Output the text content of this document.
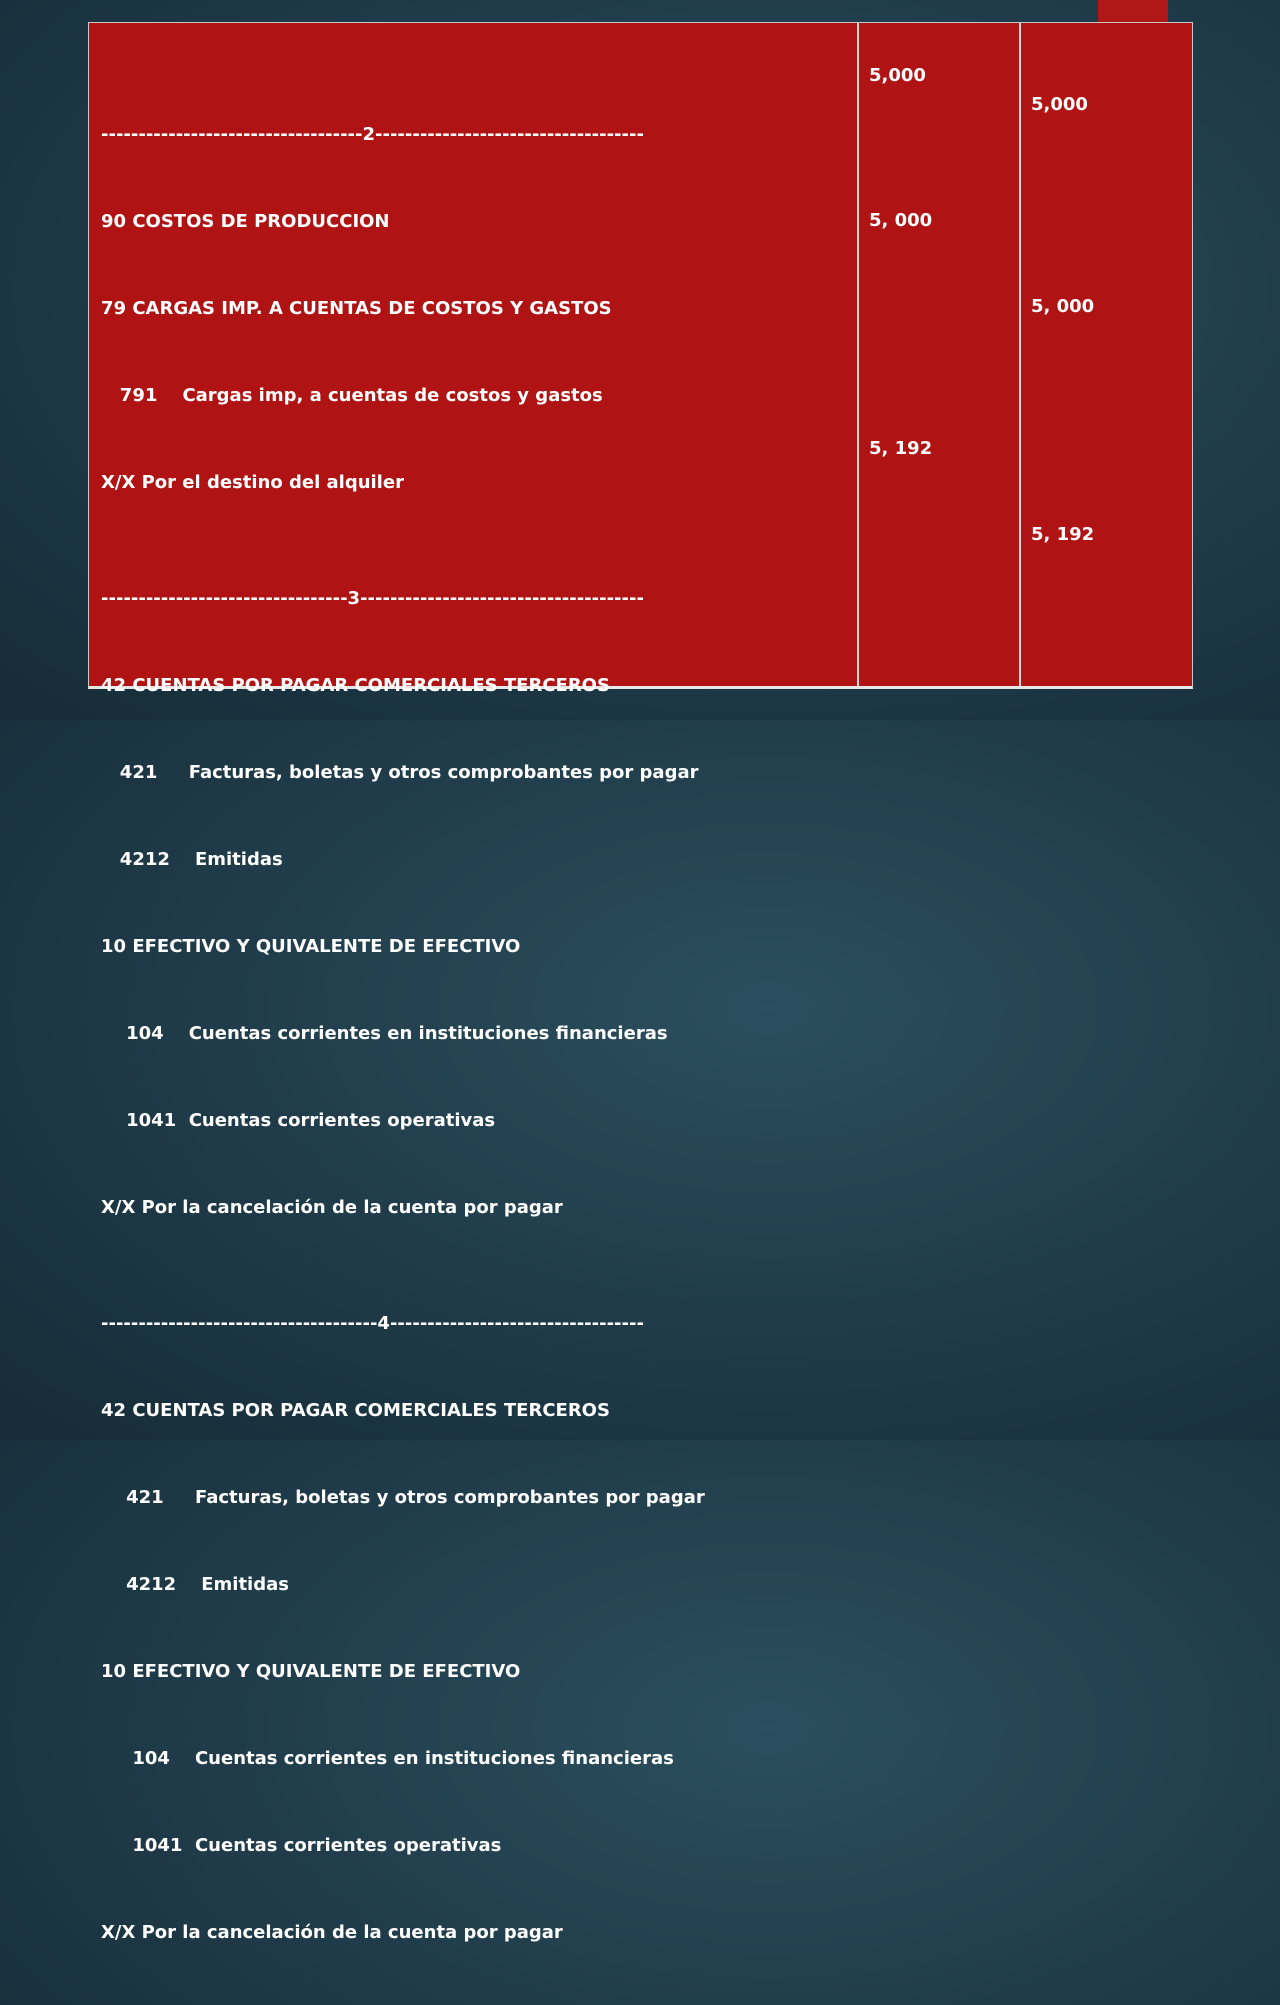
-----------------------------------2------------------------------------

90 COSTOS DE PRODUCCION

79 CARGAS IMP. A CUENTAS DE COSTOS Y GASTOS

791    Cargas imp, a cuentas de costos y gastos

X/X Por el destino del alquiler

---------------------------------3--------------------------------------

42 CUENTAS POR PAGAR COMERCIALES TERCEROS

421     Facturas, boletas y otros comprobantes por pagar

4212    Emitidas

10 EFECTIVO Y QUIVALENTE DE EFECTIVO

104    Cuentas corrientes en instituciones financieras

1041  Cuentas corrientes operativas

X/X Por la cancelación de la cuenta por pagar

-------------------------------------4----------------------------------

42 CUENTAS POR PAGAR COMERCIALES TERCEROS

421     Facturas, boletas y otros comprobantes por pagar

4212    Emitidas

10 EFECTIVO Y QUIVALENTE DE EFECTIVO

104    Cuentas corrientes en instituciones financieras

1041  Cuentas corrientes operativas

X/X Por la cancelación de la cuenta por pagar

5,000
5, 000
5, 192
5,000
5, 000
5, 192
